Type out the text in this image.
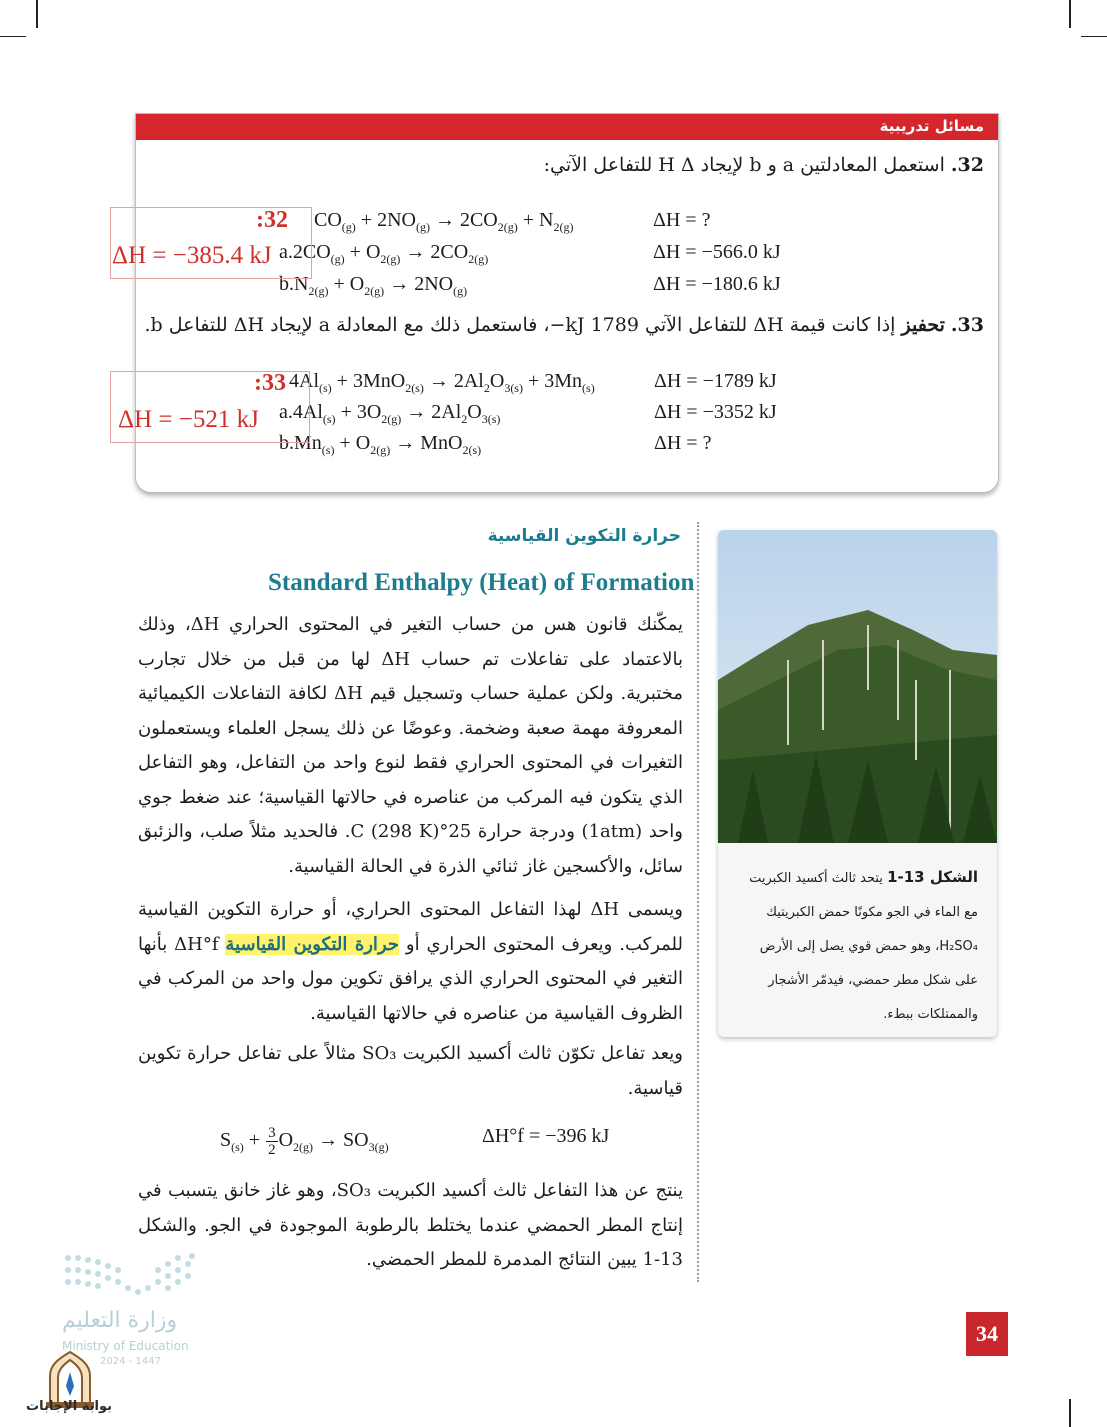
مسائل تدريبية
32. استعمل المعادلتين a و b لإيجاد H Δ للتفاعل الآتي:
$CO_{(g)} + 2NO_{(g)} \to 2CO_{2(g)} + N_{2(g)}$	ΔH = ?
$a.2CO_{(g)} + O_{2(g)} \to 2CO_{2(g)}$	ΔH = −566.0 kJ
$b.N_{2(g)} + O_{2(g)} \to 2NO_{(g)}$	ΔH = −180.6 kJ
33. تحفيز إذا كانت قيمة ΔH للتفاعل الآتي kJ 1789−، فاستعمل ذلك مع المعادلة a لإيجاد ΔH للتفاعل b.
$4Al_{(s)} + 3MnO_{2(s)} \to 2Al_2O_{3(s)} + 3Mn_{(s)}$	ΔH = −1789 kJ
$a.4Al_{(s)} + 3O_{2(g)} \to 2Al_2O_{3(s)}$	ΔH = −3352 kJ
$b.Mn_{(s)} + O_{2(g)} \to MnO_{2(s)}$	ΔH = ?
:32
ΔH = −385.4 kJ
:33
ΔH = −521 kJ
حرارة التكوين القياسية
Standard Enthalpy (Heat) of Formation

يمكّنك قانون هس من حساب التغير في المحتوى الحراري ΔH، وذلك بالاعتماد على تفاعلات تم حساب ΔH لها من قبل من خلال تجارب مختبرية. ولكن عملية حساب وتسجيل قيم ΔH لكافة التفاعلات الكيميائية المعروفة مهمة صعبة وضخمة. وعوضًا عن ذلك يسجل العلماء ويستعملون التغيرات في المحتوى الحراري فقط لنوع واحد من التفاعل، وهو التفاعل الذي يتكون فيه المركب من عناصره في حالاتها القياسية؛ عند ضغط جوي واحد (1atm) ودرجة حرارة 25°C (298 K). فالحديد مثلاً صلب، والزئبق سائل، والأكسجين غاز ثنائي الذرة في الحالة القياسية.

ويسمى ΔH لهذا التفاعل المحتوى الحراري، أو حرارة التكوين القياسية للمركب. ويعرف المحتوى الحراري أو حرارة التكوين القياسية ΔH°f بأنها التغير في المحتوى الحراري الذي يرافق تكوين مول واحد من المركب في الظروف القياسية من عناصره في حالاتها القياسية.

ويعد تفاعل تكوّن ثالث أكسيد الكبريت SO₃ مثالاً على تفاعل حرارة تكوين قياسية.

$S_{(s)} + \frac{3}{2} O_{2(g)} \to SO_{3(g)}$
ΔH°f = −396 kJ

ينتج عن هذا التفاعل ثالث أكسيد الكبريت SO₃، وهو غاز خانق يتسبب في إنتاج المطر الحمضي عندما يختلط بالرطوبة الموجودة في الجو. والشكل 13-1 يبين النتائج المدمرة للمطر الحمضي.

الشكل 13-1 يتحد ثالث أكسيد الكبريت مع الماء في الجو مكونًا حمض الكبريتيك H₂SO₄، وهو حمض قوي يصل إلى الأرض على شكل مطر حمضي، فيدمّر الأشجار والممتلكات ببطء.
34
وزارة التعليم
Ministry of Education
2024 - 1447
بوابة الإجابات
